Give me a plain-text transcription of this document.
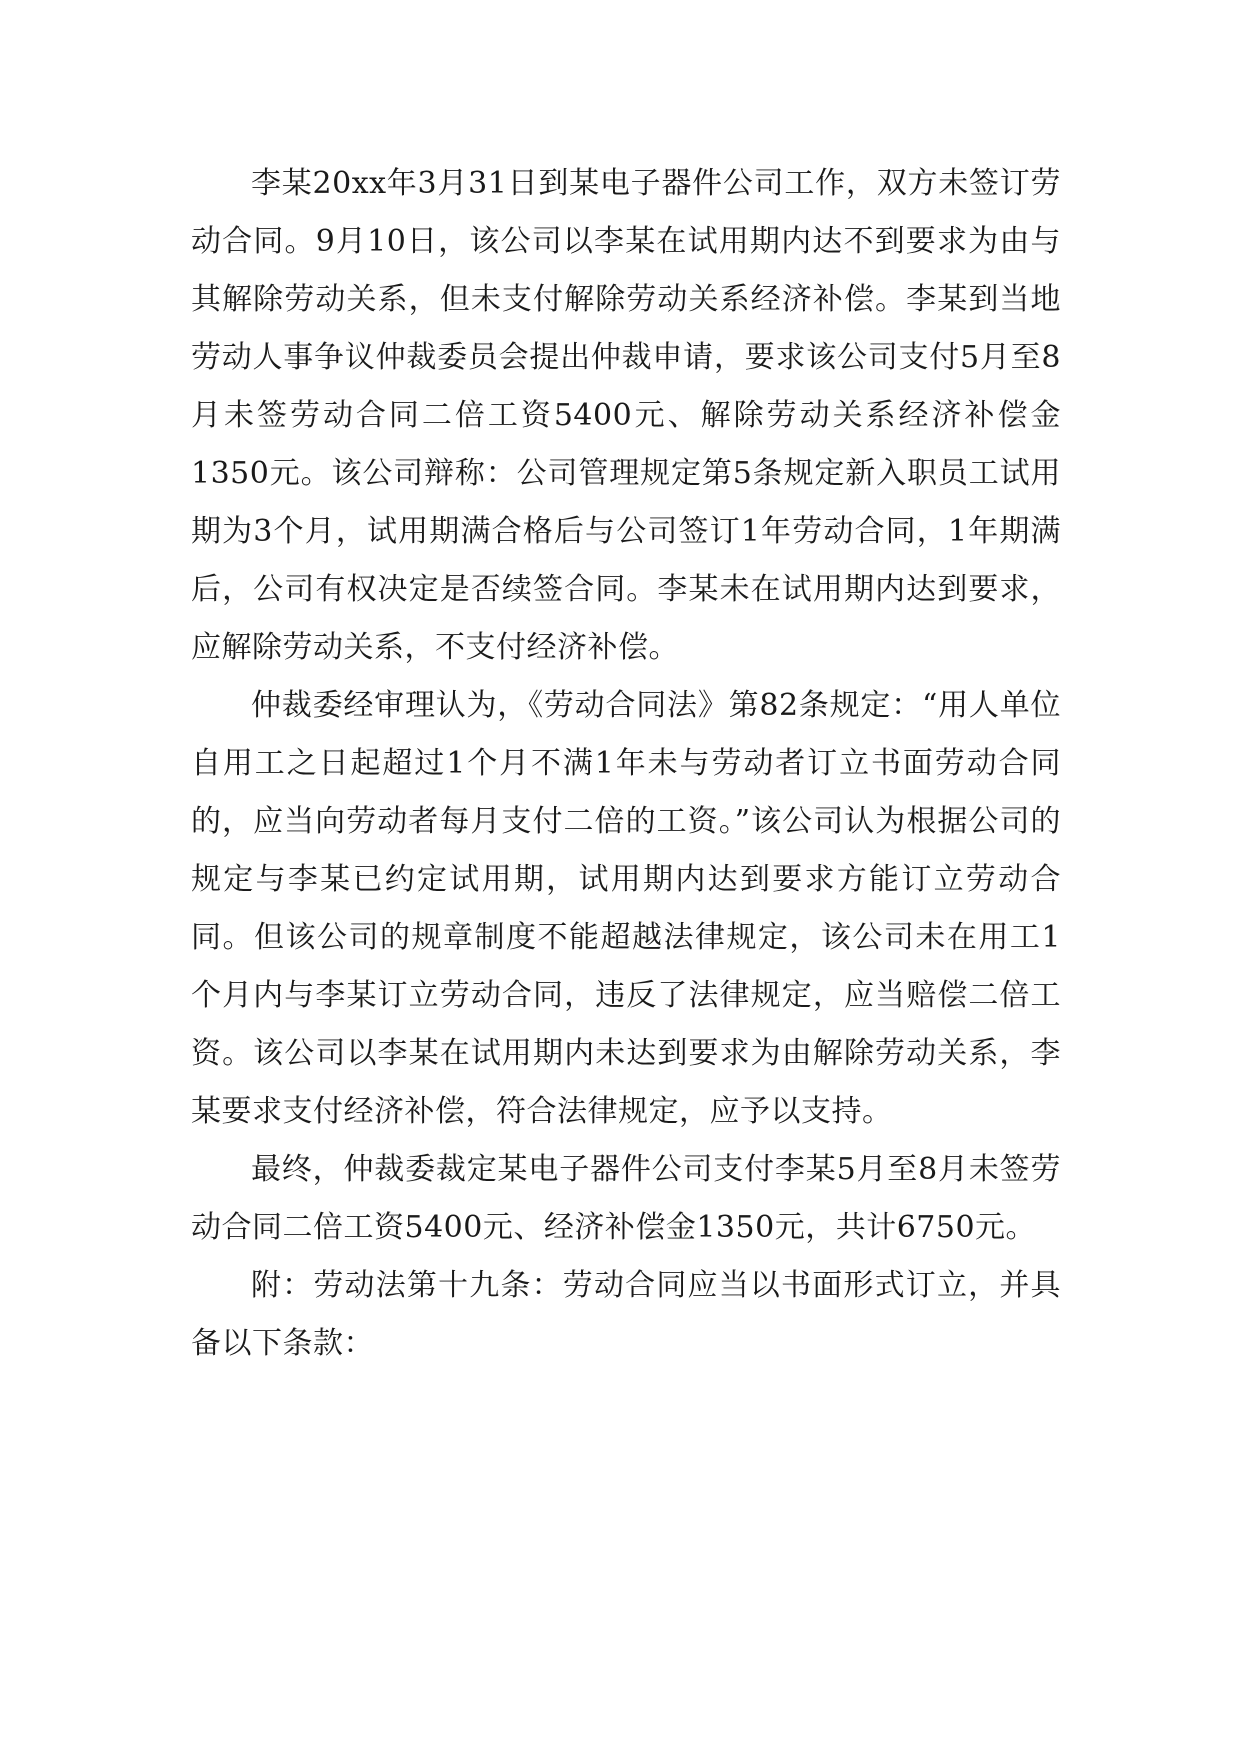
李某20xx年3月31日到某电子器件公司工作，双方未签订劳动合同。9月10日，该公司以李某在试用期内达不到要求为由与其解除劳动关系，但未支付解除劳动关系经济补偿。李某到当地劳动人事争议仲裁委员会提出仲裁申请，要求该公司支付5月至8月未签劳动合同二倍工资5400元、解除劳动关系经济补偿金1350元。该公司辩称：公司管理规定第5条规定新入职员工试用期为3个月，试用期满合格后与公司签订1年劳动合同，1年期满后，公司有权决定是否续签合同。李某未在试用期内达到要求，应解除劳动关系，不支付经济补偿。

仲裁委经审理认为，《劳动合同法》第82条规定：“用人单位自用工之日起超过1个月不满1年未与劳动者订立书面劳动合同的，应当向劳动者每月支付二倍的工资。”该公司认为根据公司的规定与李某已约定试用期，试用期内达到要求方能订立劳动合同。但该公司的规章制度不能超越法律规定，该公司未在用工1个月内与李某订立劳动合同，违反了法律规定，应当赔偿二倍工资。该公司以李某在试用期内未达到要求为由解除劳动关系，李某要求支付经济补偿，符合法律规定，应予以支持。

最终，仲裁委裁定某电子器件公司支付李某5月至8月未签劳动合同二倍工资5400元、经济补偿金1350元，共计6750元。

附：劳动法第十九条：劳动合同应当以书面形式订立，并具备以下条款：
